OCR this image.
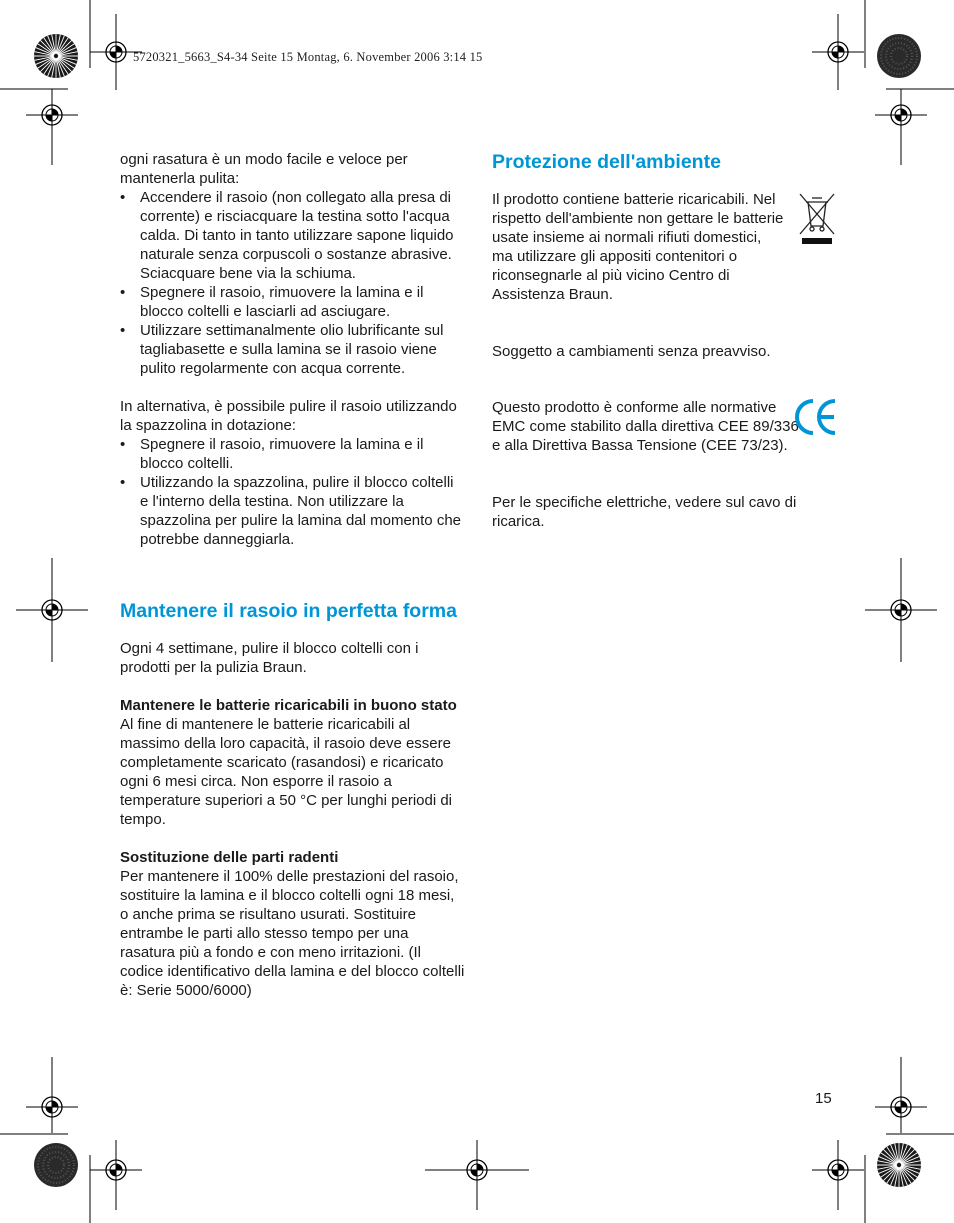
5720321_5663_S4-34 Seite 15 Montag, 6. November 2006 3:14 15

ogni rasatura è un modo facile e veloce per mantenerla pulita:

• Accendere il rasoio (non collegato alla presa di corrente) e risciacquare la testina sotto l'acqua calda. Di tanto in tanto utilizzare sapone liquido naturale senza corpuscoli o sostanze abrasive. Sciacquare bene via la schiuma.

• Spegnere il rasoio, rimuovere la lamina e il blocco coltelli e lasciarli ad asciugare.

• Utilizzare settimanalmente olio lubrificante sul tagliabasette e sulla lamina se il rasoio viene pulito regolarmente con acqua corrente.

In alternativa, è possibile pulire il rasoio utilizzando la spazzolina in dotazione:

• Spegnere il rasoio, rimuovere la lamina e il blocco coltelli.

• Utilizzando la spazzolina, pulire il blocco coltelli e l'interno della testina. Non utilizzare la spazzolina per pulire la lamina dal momento che potrebbe danneggiarla.

Mantenere il rasoio in perfetta forma

Ogni 4 settimane, pulire il blocco coltelli con i prodotti per la pulizia Braun.

Mantenere le batterie ricaricabili in buono stato

Al fine di mantenere le batterie ricaricabili al massimo della loro capacità, il rasoio deve essere completamente scaricato (rasandosi) e ricaricato ogni 6 mesi circa. Non esporre il rasoio a temperature superiori a 50 °C per lunghi periodi di tempo.

Sostituzione delle parti radenti

Per mantenere il 100% delle prestazioni del rasoio, sostituire la lamina e il blocco coltelli ogni 18 mesi, o anche prima se risultano usurati. Sostituire entrambe le parti allo stesso tempo per una rasatura più a fondo e con meno irritazioni. (Il codice identificativo della lamina e del blocco coltelli è: Serie 5000/6000)

Protezione dell'ambiente

Il prodotto contiene batterie ricaricabili. Nel rispetto dell'ambiente non gettare le batterie usate insieme ai normali rifiuti domestici, ma utilizzare gli appositi contenitori o riconsegnarle al più vicino Centro di Assistenza Braun.

Soggetto a cambiamenti senza preavviso.

Questo prodotto è conforme alle normative EMC come stabilito dalla direttiva CEE 89/336 e alla Direttiva Bassa Tensione (CEE 73/23).

Per le specifiche elettriche, vedere sul cavo di ricarica.

15
